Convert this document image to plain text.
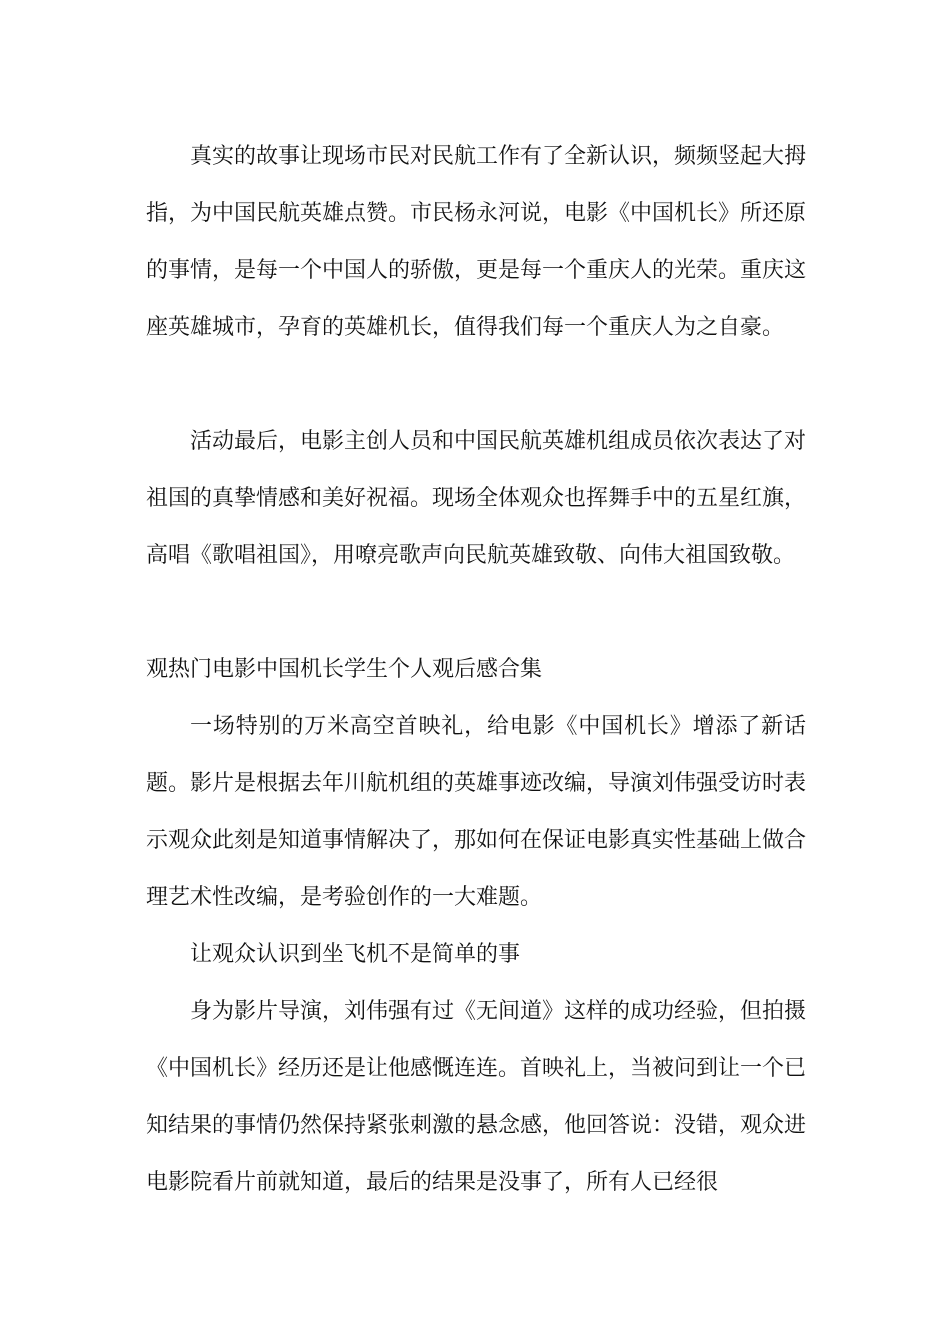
真实的故事让现场市民对民航工作有了全新认识，频频竖起大拇指，为中国民航英雄点赞。市民杨永河说，电影《中国机长》所还原的事情，是每一个中国人的骄傲，更是每一个重庆人的光荣。重庆这座英雄城市，孕育的英雄机长，值得我们每一个重庆人为之自豪。

活动最后，电影主创人员和中国民航英雄机组成员依次表达了对祖国的真挚情感和美好祝福。现场全体观众也挥舞手中的五星红旗，高唱《歌唱祖国》，用嘹亮歌声向民航英雄致敬、向伟大祖国致敬。

观热门电影中国机长学生个人观后感合集

一场特别的万米高空首映礼，给电影《中国机长》增添了新话题。影片是根据去年川航机组的英雄事迹改编，导演刘伟强受访时表示观众此刻是知道事情解决了，那如何在保证电影真实性基础上做合理艺术性改编，是考验创作的一大难题。

让观众认识到坐飞机不是简单的事

身为影片导演，刘伟强有过《无间道》这样的成功经验，但拍摄《中国机长》经历还是让他感慨连连。首映礼上，当被问到让一个已知结果的事情仍然保持紧张刺激的悬念感，他回答说：没错，观众进电影院看片前就知道，最后的结果是没事了，所有人已经很
